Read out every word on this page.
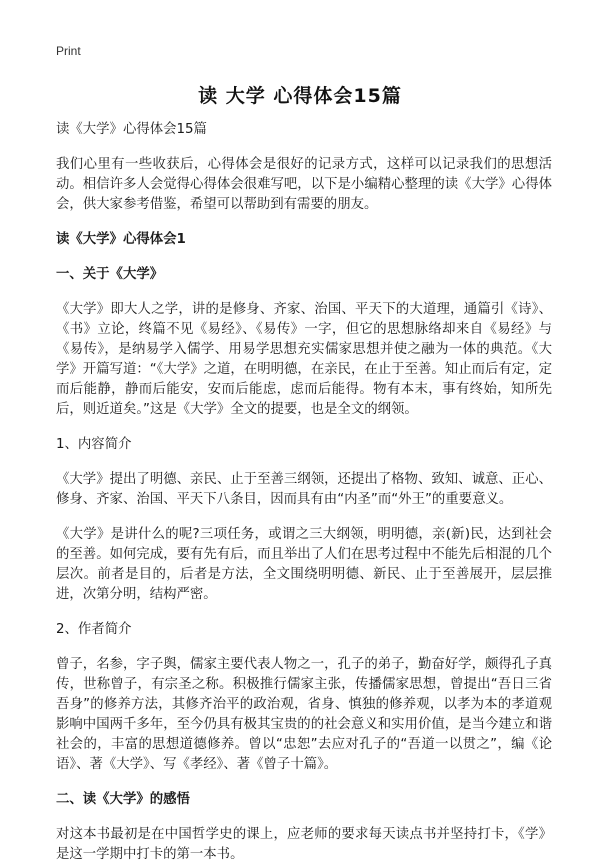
Print
读 大学 心得体会15篇

读《大学》心得体会15篇

我们心里有一些收获后，心得体会是很好的记录方式，这样可以记录我们的思想活动。相信许多人会觉得心得体会很难写吧，以下是小编精心整理的读《大学》心得体会，供大家参考借鉴，希望可以帮助到有需要的朋友。

读《大学》心得体会1
一、关于《大学》

《大学》即大人之学，讲的是修身、齐家、治国、平天下的大道理，通篇引《诗》、《书》立论，终篇不见《易经》、《易传》一字，但它的思想脉络却来自《易经》与《易传》，是纳易学入儒学、用易学思想充实儒家思想并使之融为一体的典范。《大学》开篇写道：“《大学》之道，在明明德，在亲民，在止于至善。知止而后有定，定而后能静，静而后能安，安而后能虑，虑而后能得。物有本末，事有终始，知所先后，则近道矣。”这是《大学》全文的提要，也是全文的纲领。

1、内容简介

《大学》提出了明德、亲民、止于至善三纲领，还提出了格物、致知、诚意、正心、修身、齐家、治国、平天下八条目，因而具有由“内圣”而“外王”的重要意义。

《大学》是讲什么的呢?三项任务，或谓之三大纲领，明明德，亲(新)民，达到社会的至善。如何完成，要有先有后，而且举出了人们在思考过程中不能先后相混的几个层次。前者是目的，后者是方法，全文围绕明明德、新民、止于至善展开，层层推进，次第分明，结构严密。

2、作者简介

曾子，名参，字子舆，儒家主要代表人物之一，孔子的弟子，勤奋好学，颇得孔子真传，世称曾子，有宗圣之称。积极推行儒家主张，传播儒家思想，曾提出“吾日三省吾身”的修养方法，其修齐治平的政治观，省身、慎独的修养观，以孝为本的孝道观影响中国两千多年，至今仍具有极其宝贵的的社会意义和实用价值，是当今建立和谐社会的，丰富的思想道德修养。曾以“忠恕”去应对孔子的“吾道一以贯之”，编《论语》、著《大学》、写《孝经》、著《曾子十篇》。

二、读《大学》的感悟

对这本书最初是在中国哲学史的课上，应老师的要求每天读点书并坚持打卡，《学》是这一学期中打卡的第一本书。
